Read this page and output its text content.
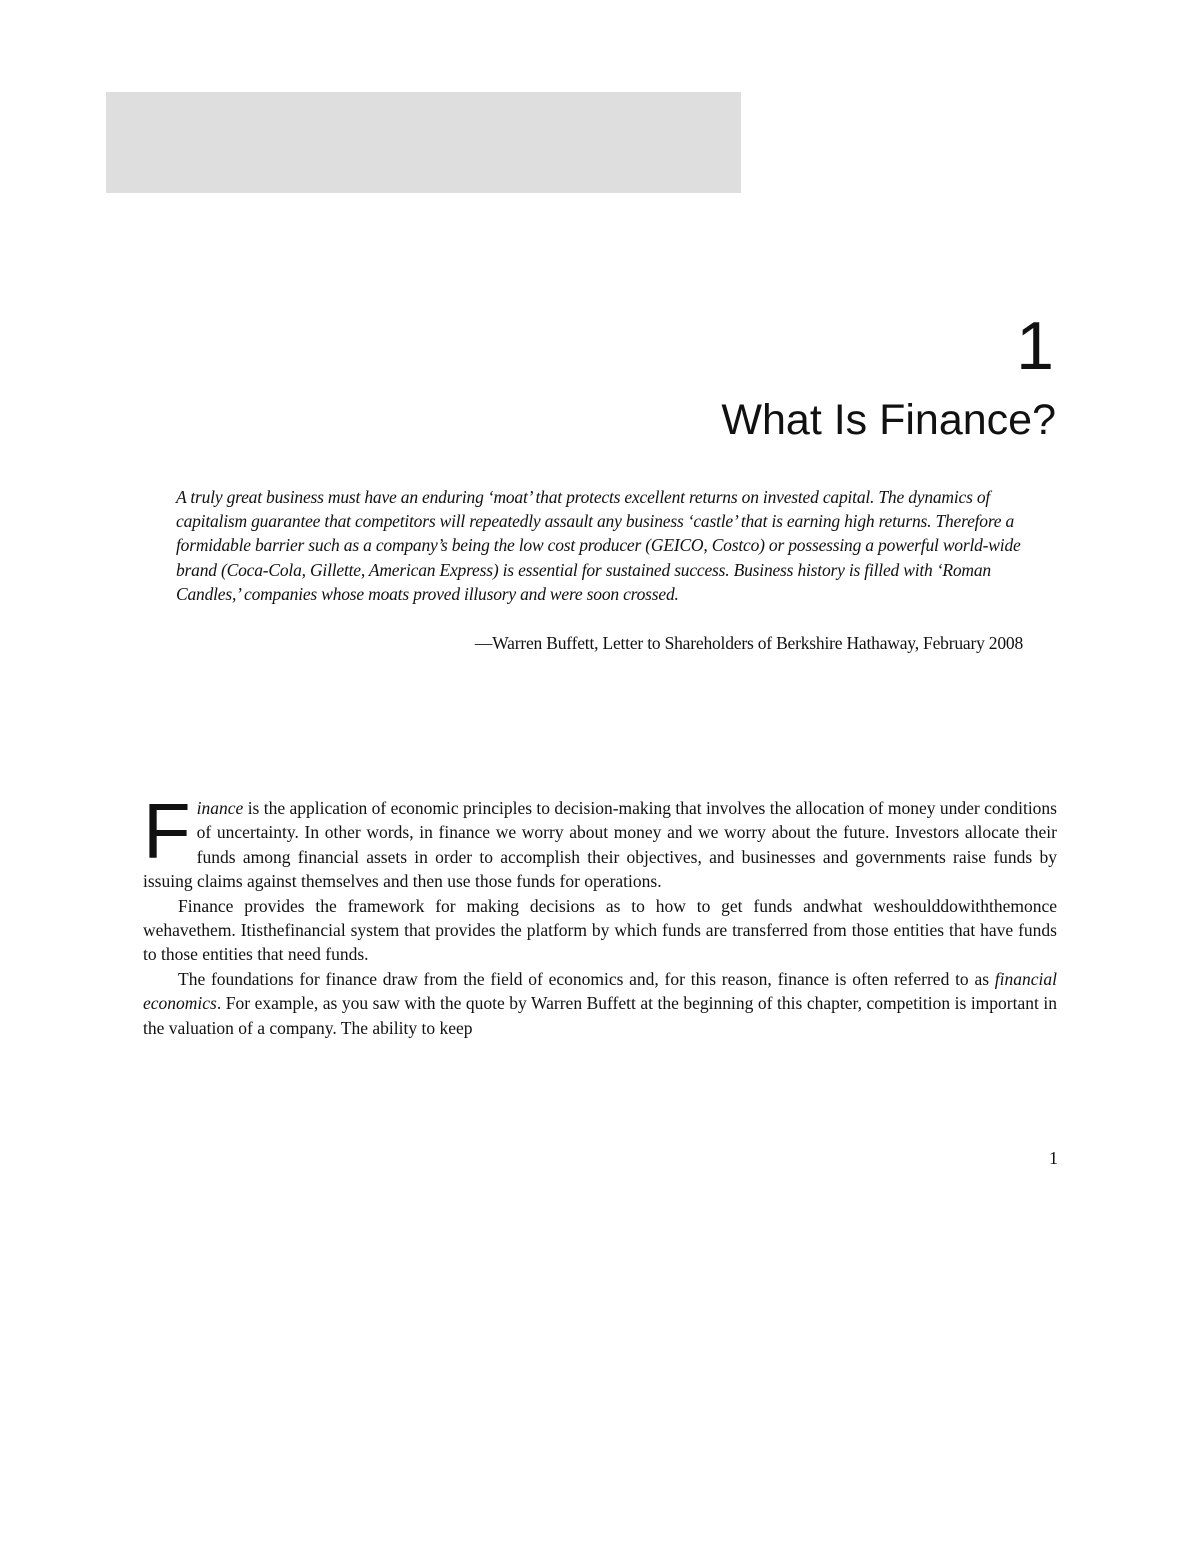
1
What Is Finance?

A truly great business must have an enduring ‘moat’ that protects excellent returns on invested capital. The dynamics of capitalism guarantee that competitors will repeatedly assault any business ‘castle’ that is earning high returns. Therefore a formidable barrier such as a company’s being the low cost producer (GEICO, Costco) or possessing a powerful world-wide brand (Coca-Cola, Gillette, American Express) is essential for sustained success. Business history is filled with ‘Roman Candles,’ companies whose moats proved illusory and were soon crossed.

—Warren Buffett, Letter to Shareholders of Berkshire Hathaway, February 2008

Finance is the application of economic principles to decision-making that involves the allocation of money under conditions of uncertainty. In other words, in finance we worry about money and we worry about the future. Investors allocate their funds among financial assets in order to accomplish their objectives, and businesses and governments raise funds by issuing claims against themselves and then use those funds for operations.

Finance provides the framework for making decisions as to how to get funds andwhat weshoulddowiththemonce wehavethem. Itisthefinancial system that provides the platform by which funds are transferred from those entities that have funds to those entities that need funds.

The foundations for finance draw from the field of economics and, for this reason, finance is often referred to as financial economics. For example, as you saw with the quote by Warren Buffett at the beginning of this chapter, competition is important in the valuation of a company. The ability to keep

1
